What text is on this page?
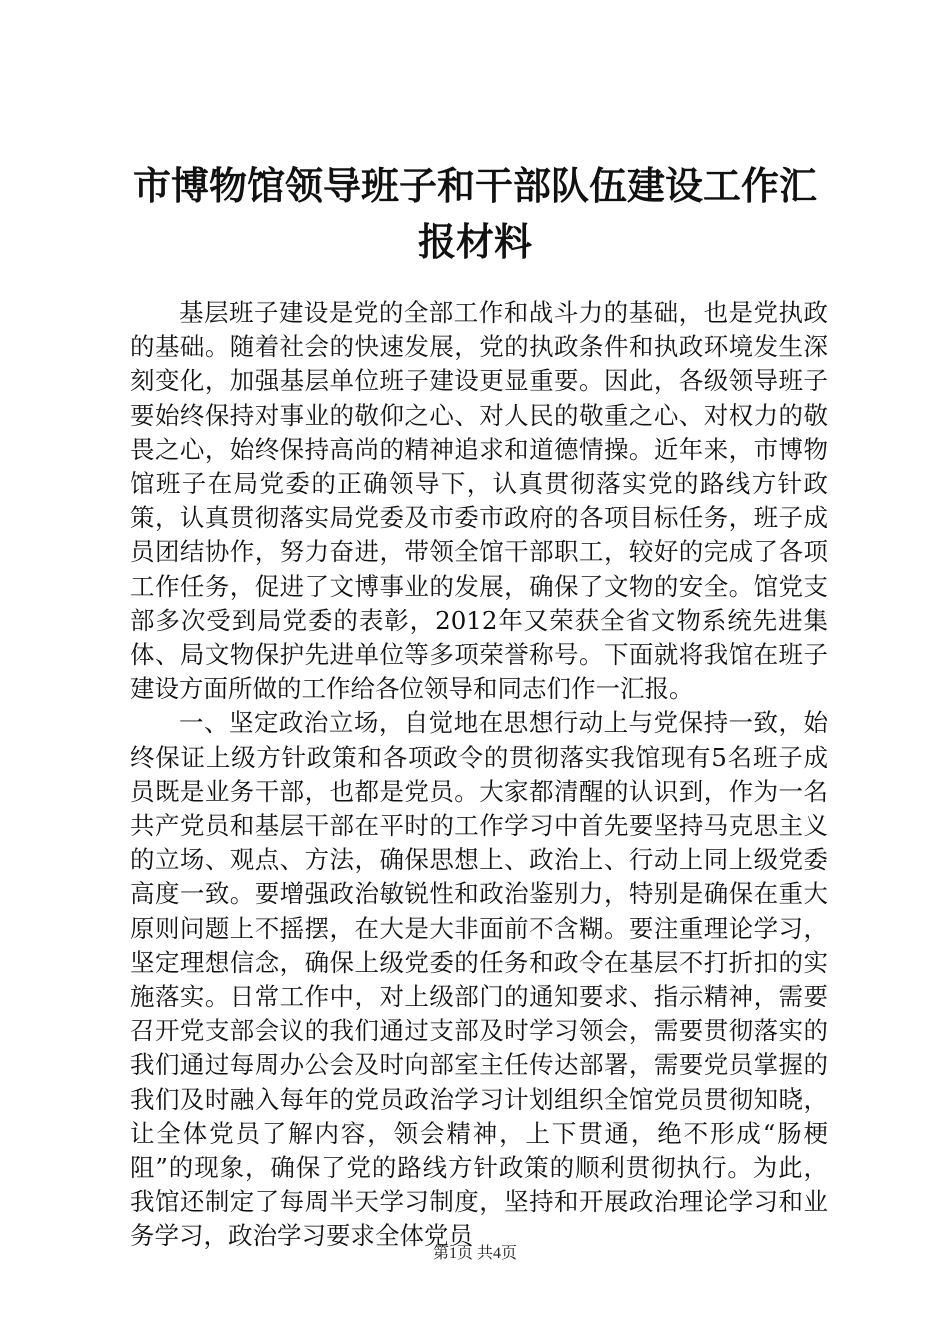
市博物馆领导班子和干部队伍建设工作汇报材料

基层班子建设是党的全部工作和战斗力的基础，也是党执政的基础。随着社会的快速发展，党的执政条件和执政环境发生深刻变化，加强基层单位班子建设更显重要。因此，各级领导班子要始终保持对事业的敬仰之心、对人民的敬重之心、对权力的敬畏之心，始终保持高尚的精神追求和道德情操。近年来，市博物馆班子在局党委的正确领导下，认真贯彻落实党的路线方针政策，认真贯彻落实局党委及市委市政府的各项目标任务，班子成员团结协作，努力奋进，带领全馆干部职工，较好的完成了各项工作任务，促进了文博事业的发展，确保了文物的安全。馆党支部多次受到局党委的表彰，2012年又荣获全省文物系统先进集体、局文物保护先进单位等多项荣誉称号。下面就将我馆在班子建设方面所做的工作给各位领导和同志们作一汇报。

一、坚定政治立场，自觉地在思想行动上与党保持一致，始终保证上级方针政策和各项政令的贯彻落实我馆现有5名班子成员既是业务干部，也都是党员。大家都清醒的认识到，作为一名共产党员和基层干部在平时的工作学习中首先要坚持马克思主义的立场、观点、方法，确保思想上、政治上、行动上同上级党委高度一致。要增强政治敏锐性和政治鉴别力，特别是确保在重大原则问题上不摇摆，在大是大非面前不含糊。要注重理论学习，坚定理想信念，确保上级党委的任务和政令在基层不打折扣的实施落实。日常工作中，对上级部门的通知要求、指示精神，需要召开党支部会议的我们通过支部及时学习领会，需要贯彻落实的我们通过每周办公会及时向部室主任传达部署，需要党员掌握的我们及时融入每年的党员政治学习计划组织全馆党员贯彻知晓，让全体党员了解内容，领会精神，上下贯通，绝不形成“肠梗阻”的现象，确保了党的路线方针政策的顺利贯彻执行。为此，我馆还制定了每周半天学习制度，坚持和开展政治理论学习和业务学习，政治学习要求全体党员

第1页 共4页
